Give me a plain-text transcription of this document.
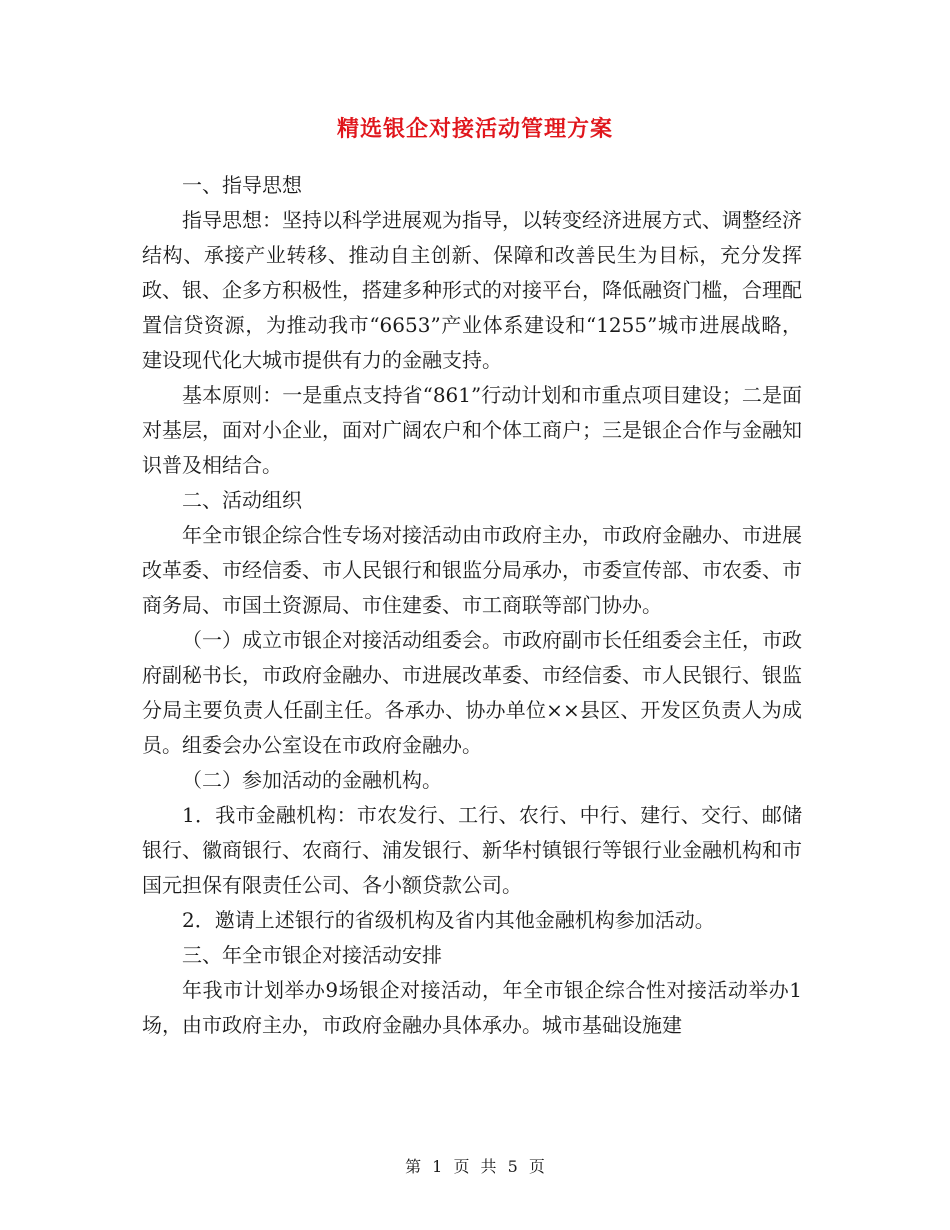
精选银企对接活动管理方案

一、指导思想

指导思想：坚持以科学进展观为指导，以转变经济进展方式、调整经济结构、承接产业转移、推动自主创新、保障和改善民生为目标，充分发挥政、银、企多方积极性，搭建多种形式的对接平台，降低融资门槛，合理配置信贷资源，为推动我市“6653”产业体系建设和“1255”城市进展战略，建设现代化大城市提供有力的金融支持。

基本原则：一是重点支持省“861”行动计划和市重点项目建设；二是面对基层，面对小企业，面对广阔农户和个体工商户；三是银企合作与金融知识普及相结合。

二、活动组织

年全市银企综合性专场对接活动由市政府主办，市政府金融办、市进展改革委、市经信委、市人民银行和银监分局承办，市委宣传部、市农委、市商务局、市国土资源局、市住建委、市工商联等部门协办。

（一）成立市银企对接活动组委会。市政府副市长任组委会主任，市政府副秘书长，市政府金融办、市进展改革委、市经信委、市人民银行、银监分局主要负责人任副主任。各承办、协办单位××县区、开发区负责人为成员。组委会办公室设在市政府金融办。

（二）参加活动的金融机构。

1．我市金融机构：市农发行、工行、农行、中行、建行、交行、邮储银行、徽商银行、农商行、浦发银行、新华村镇银行等银行业金融机构和市国元担保有限责任公司、各小额贷款公司。

2．邀请上述银行的省级机构及省内其他金融机构参加活动。

三、年全市银企对接活动安排

年我市计划举办9场银企对接活动，年全市银企综合性对接活动举办1场，由市政府主办，市政府金融办具体承办。城市基础设施建

第 1 页 共 5 页
